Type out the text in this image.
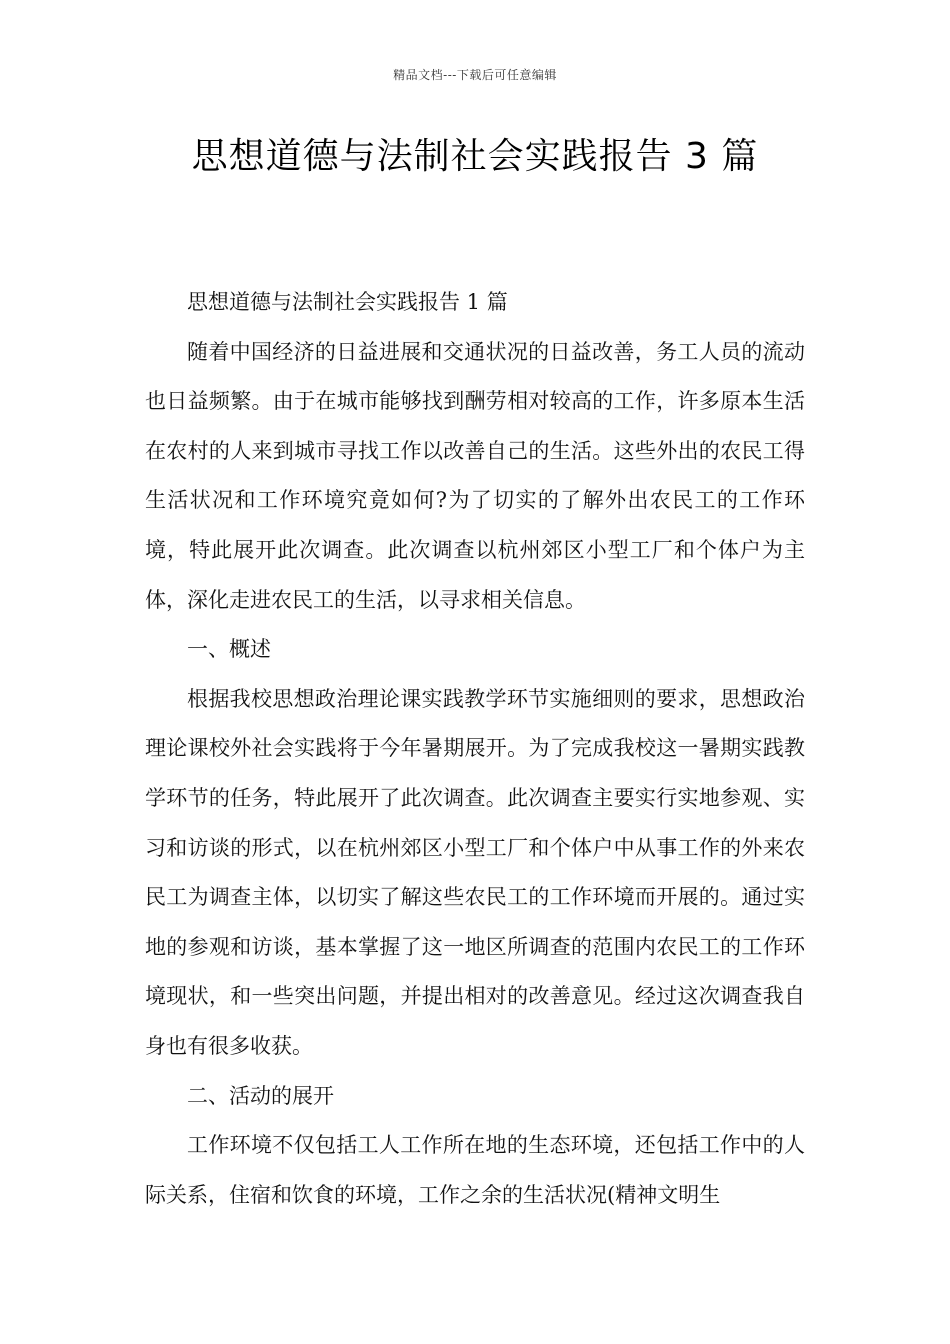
精品文档---下载后可任意编辑
思想道德与法制社会实践报告 3 篇

思想道德与法制社会实践报告 1 篇

随着中国经济的日益进展和交通状况的日益改善，务工人员的流动也日益频繁。由于在城市能够找到酬劳相对较高的工作，许多原本生活在农村的人来到城市寻找工作以改善自己的生活。这些外出的农民工得生活状况和工作环境究竟如何?为了切实的了解外出农民工的工作环境，特此展开此次调查。此次调查以杭州郊区小型工厂和个体户为主体，深化走进农民工的生活，以寻求相关信息。

一、概述

根据我校思想政治理论课实践教学环节实施细则的要求，思想政治理论课校外社会实践将于今年暑期展开。为了完成我校这一暑期实践教学环节的任务，特此展开了此次调查。此次调查主要实行实地参观、实习和访谈的形式，以在杭州郊区小型工厂和个体户中从事工作的外来农民工为调查主体，以切实了解这些农民工的工作环境而开展的。通过实地的参观和访谈，基本掌握了这一地区所调查的范围内农民工的工作环境现状，和一些突出问题，并提出相对的改善意见。经过这次调查我自身也有很多收获。

二、活动的展开

工作环境不仅包括工人工作所在地的生态环境，还包括工作中的人际关系，住宿和饮食的环境，工作之余的生活状况(精神文明生
